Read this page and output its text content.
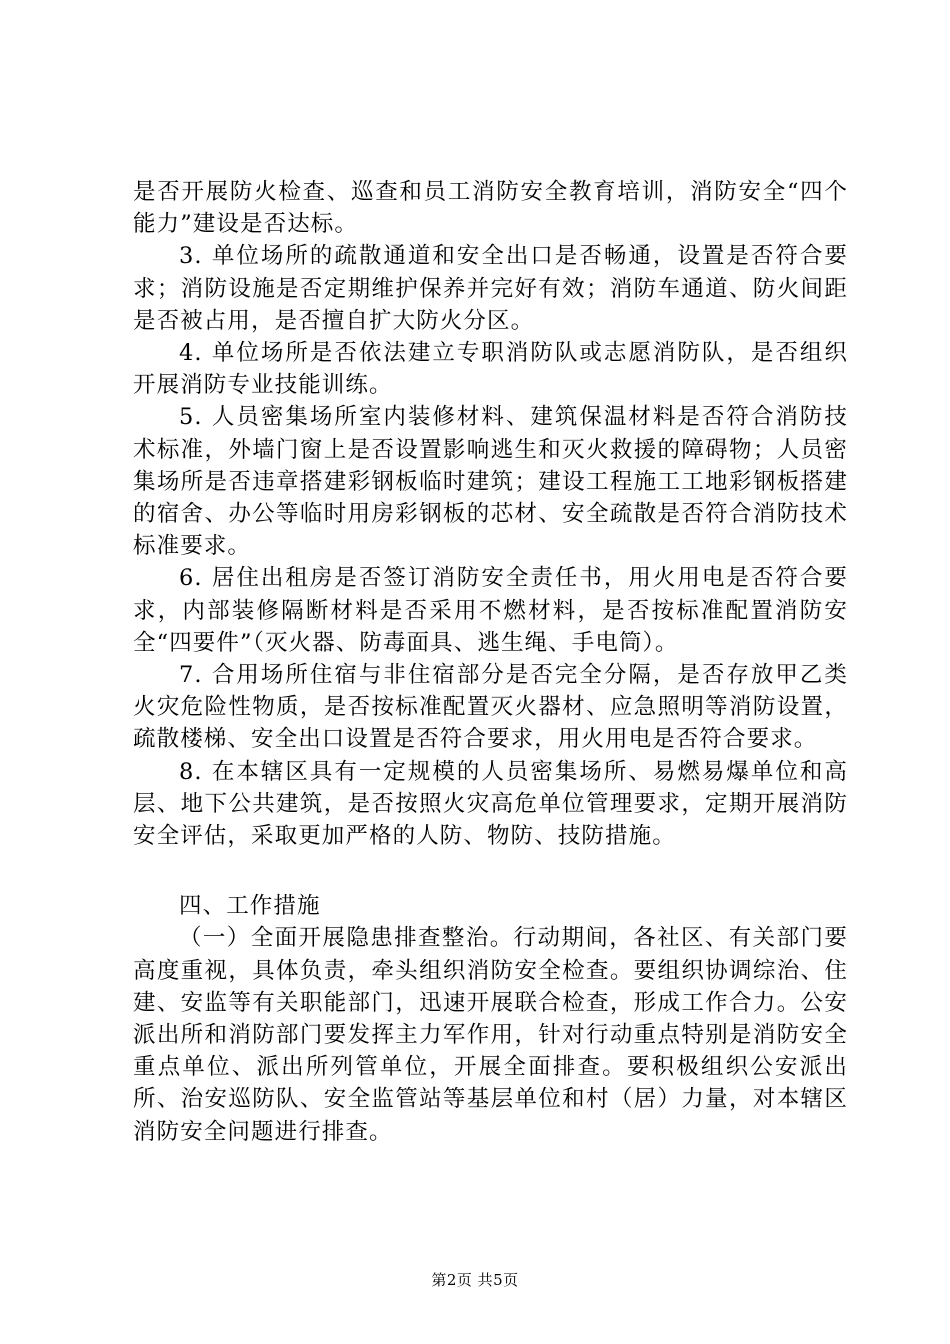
是否开展防火检查、巡查和员工消防安全教育培训，消防安全“四个能力”建设是否达标。

3. 单位场所的疏散通道和安全出口是否畅通，设置是否符合要求；消防设施是否定期维护保养并完好有效；消防车通道、防火间距是否被占用，是否擅自扩大防火分区。

4. 单位场所是否依法建立专职消防队或志愿消防队，是否组织开展消防专业技能训练。

5. 人员密集场所室内装修材料、建筑保温材料是否符合消防技术标准，外墙门窗上是否设置影响逃生和灭火救援的障碍物；人员密集场所是否违章搭建彩钢板临时建筑；建设工程施工工地彩钢板搭建的宿舍、办公等临时用房彩钢板的芯材、安全疏散是否符合消防技术标准要求。

6. 居住出租房是否签订消防安全责任书，用火用电是否符合要求，内部装修隔断材料是否采用不燃材料，是否按标准配置消防安全“四要件”（灭火器、防毒面具、逃生绳、手电筒）。

7. 合用场所住宿与非住宿部分是否完全分隔，是否存放甲乙类火灾危险性物质，是否按标准配置灭火器材、应急照明等消防设置，疏散楼梯、安全出口设置是否符合要求，用火用电是否符合要求。

8. 在本辖区具有一定规模的人员密集场所、易燃易爆单位和高层、地下公共建筑，是否按照火灾高危单位管理要求，定期开展消防安全评估，采取更加严格的人防、物防、技防措施。

四、工作措施

（一）全面开展隐患排查整治。行动期间，各社区、有关部门要高度重视，具体负责，牵头组织消防安全检查。要组织协调综治、住建、安监等有关职能部门，迅速开展联合检查，形成工作合力。公安派出所和消防部门要发挥主力军作用，针对行动重点特别是消防安全重点单位、派出所列管单位，开展全面排查。要积极组织公安派出所、治安巡防队、安全监管站等基层单位和村（居）力量，对本辖区消防安全问题进行排查。

第2页 共5页
